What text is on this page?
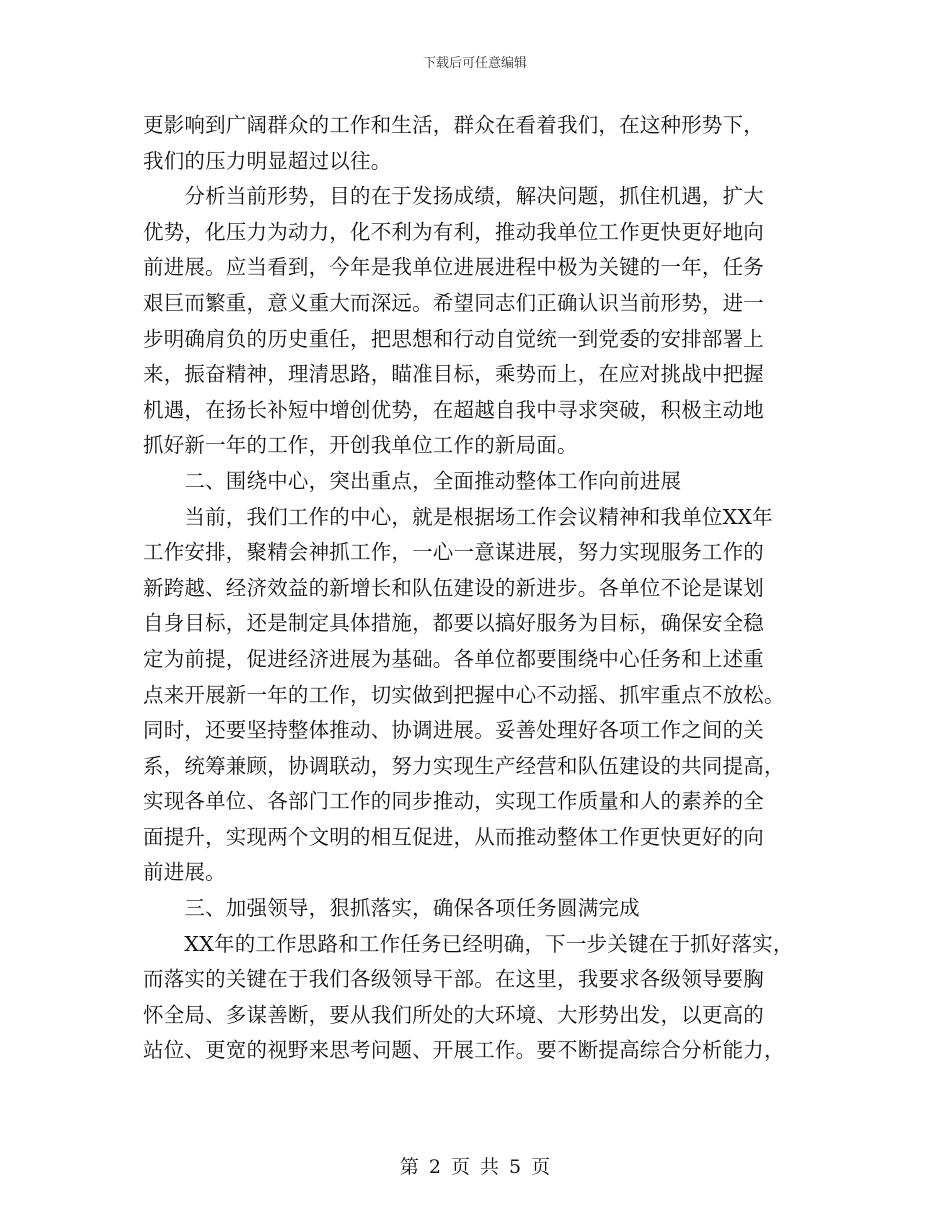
下载后可任意编辑
更影响到广阔群众的工作和生活，群众在看着我们，在这种形势下，
我们的压力明显超过以往。
　　分析当前形势，目的在于发扬成绩，解决问题，抓住机遇，扩大
优势，化压力为动力，化不利为有利，推动我单位工作更快更好地向
前进展。应当看到，今年是我单位进展进程中极为关键的一年，任务
艰巨而繁重，意义重大而深远。希望同志们正确认识当前形势，进一
步明确肩负的历史重任，把思想和行动自觉统一到党委的安排部署上
来，振奋精神，理清思路，瞄准目标，乘势而上，在应对挑战中把握
机遇，在扬长补短中增创优势，在超越自我中寻求突破，积极主动地
抓好新一年的工作，开创我单位工作的新局面。
　　二、围绕中心，突出重点，全面推动整体工作向前进展
　　当前，我们工作的中心，就是根据场工作会议精神和我单位XX年
工作安排，聚精会神抓工作，一心一意谋进展，努力实现服务工作的
新跨越、经济效益的新增长和队伍建设的新进步。各单位不论是谋划
自身目标，还是制定具体措施，都要以搞好服务为目标，确保安全稳
定为前提，促进经济进展为基础。各单位都要围绕中心任务和上述重
点来开展新一年的工作，切实做到把握中心不动摇、抓牢重点不放松。
同时，还要坚持整体推动、协调进展。妥善处理好各项工作之间的关
系，统筹兼顾，协调联动，努力实现生产经营和队伍建设的共同提高，
实现各单位、各部门工作的同步推动，实现工作质量和人的素养的全
面提升，实现两个文明的相互促进，从而推动整体工作更快更好的向
前进展。
　　三、加强领导，狠抓落实，确保各项任务圆满完成
　　XX年的工作思路和工作任务已经明确，下一步关键在于抓好落实，
而落实的关键在于我们各级领导干部。在这里，我要求各级领导要胸
怀全局、多谋善断，要从我们所处的大环境、大形势出发，以更高的
站位、更宽的视野来思考问题、开展工作。要不断提高综合分析能力，
第 2 页 共 5 页
